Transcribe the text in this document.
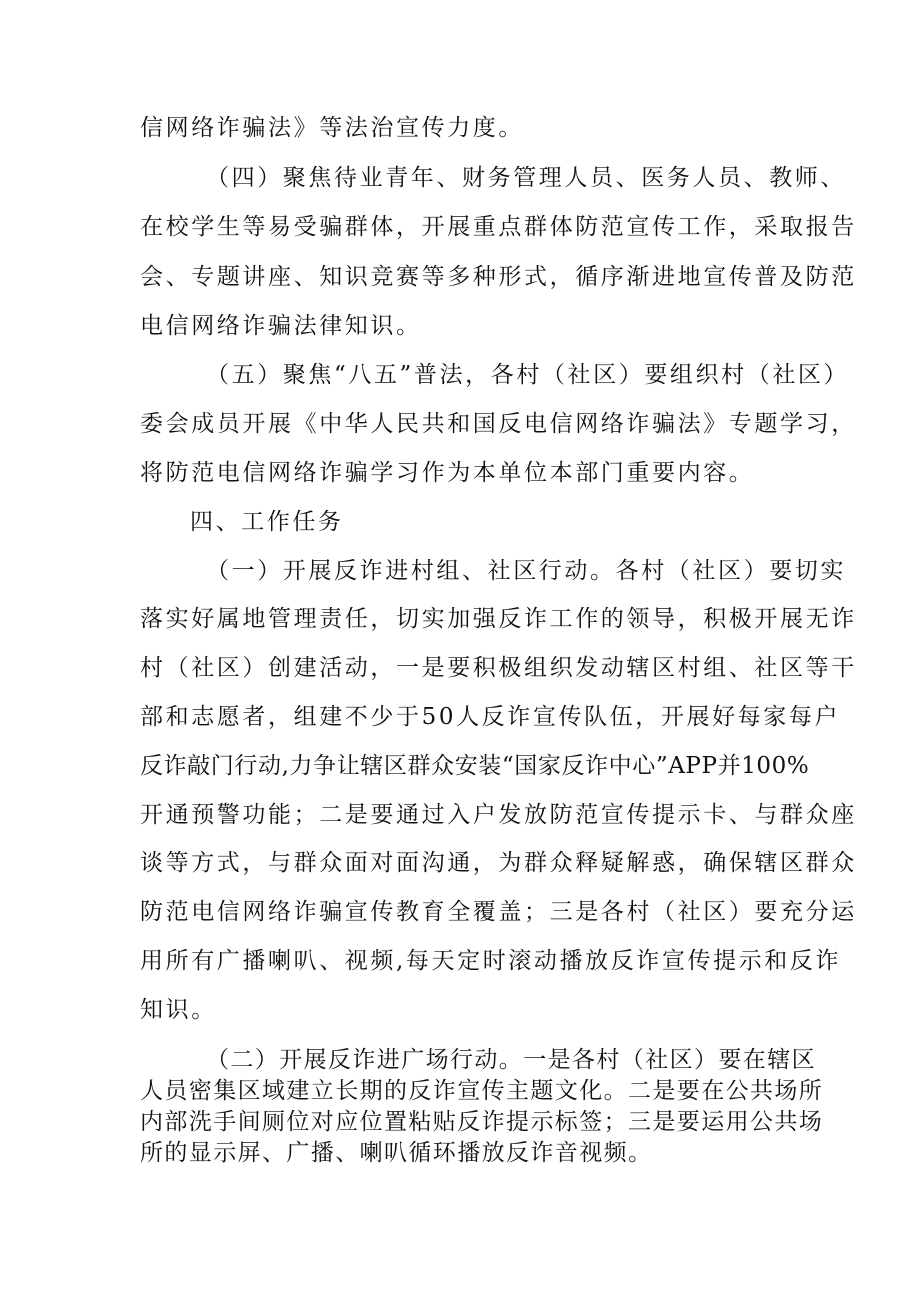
信网络诈骗法》等法治宣传力度。
（四）聚焦待业青年、财务管理人员、医务人员、教师、
在校学生等易受骗群体，开展重点群体防范宣传工作，采取报告
会、专题讲座、知识竞赛等多种形式，循序渐进地宣传普及防范
电信网络诈骗法律知识。
（五）聚焦“八五”普法，各村（社区）要组织村（社区）
委会成员开展《中华人民共和国反电信网络诈骗法》专题学习，
将防范电信网络诈骗学习作为本单位本部门重要内容。
四、工作任务
（一）开展反诈进村组、社区行动。各村（社区）要切实
落实好属地管理责任，切实加强反诈工作的领导，积极开展无诈
村（社区）创建活动，一是要积极组织发动辖区村组、社区等干
部和志愿者，组建不少于50人反诈宣传队伍，开展好每家每户
反诈敲门行动,力争让辖区群众安装“国家反诈中心”APP并100%
开通预警功能；二是要通过入户发放防范宣传提示卡、与群众座
谈等方式，与群众面对面沟通，为群众释疑解惑，确保辖区群众
防范电信网络诈骗宣传教育全覆盖；三是各村（社区）要充分运
用所有广播喇叭、视频,每天定时滚动播放反诈宣传提示和反诈
知识。
（二）开展反诈进广场行动。一是各村（社区）要在辖区
人员密集区域建立长期的反诈宣传主题文化。二是要在公共场所
内部洗手间厕位对应位置粘贴反诈提示标签；三是要运用公共场
所的显示屏、广播、喇叭循环播放反诈音视频。
